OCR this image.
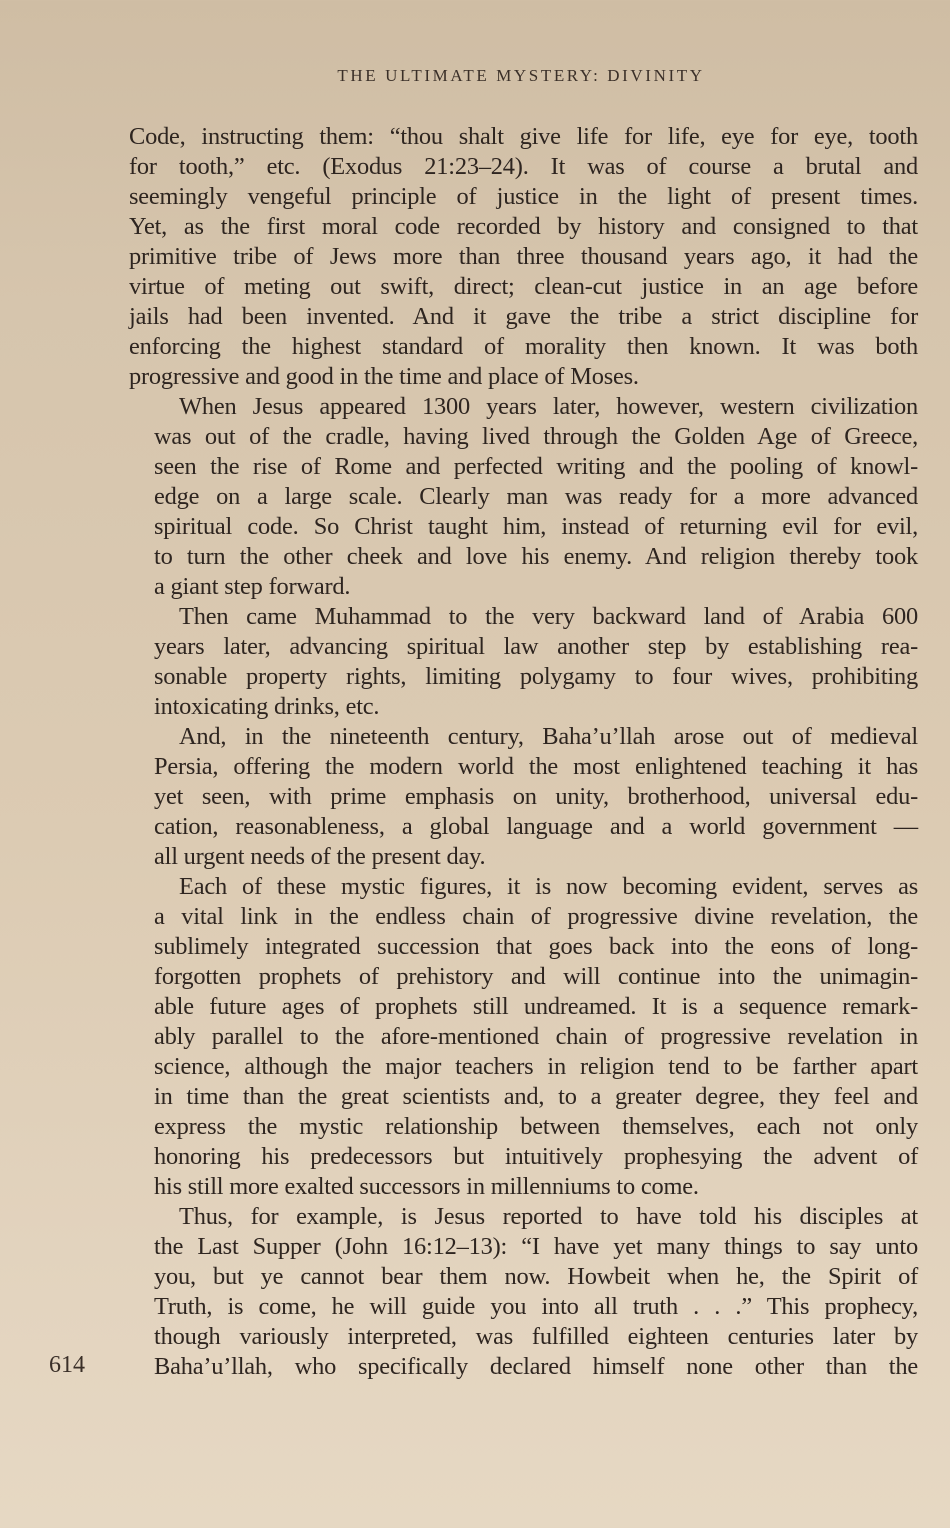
THE ULTIMATE MYSTERY: DIVINITY
Code, instructing them: “thou shalt give life for life, eye for eye, tooth
for tooth,” etc. (Exodus 21:23–24). It was of course a brutal and
seemingly vengeful principle of justice in the light of present times.
Yet, as the first moral code recorded by history and consigned to that
primitive tribe of Jews more than three thousand years ago, it had the
virtue of meting out swift, direct; clean-cut justice in an age before
jails had been invented. And it gave the tribe a strict discipline for
enforcing the highest standard of morality then known. It was both
progressive and good in the time and place of Moses.
When Jesus appeared 1300 years later, however, western civilization
was out of the cradle, having lived through the Golden Age of Greece,
seen the rise of Rome and perfected writing and the pooling of knowl-
edge on a large scale. Clearly man was ready for a more advanced
spiritual code. So Christ taught him, instead of returning evil for evil,
to turn the other cheek and love his enemy. And religion thereby took
a giant step forward.
Then came Muhammad to the very backward land of Arabia 600
years later, advancing spiritual law another step by establishing rea-
sonable property rights, limiting polygamy to four wives, prohibiting
intoxicating drinks, etc.
And, in the nineteenth century, Baha’u’llah arose out of medieval
Persia, offering the modern world the most enlightened teaching it has
yet seen, with prime emphasis on unity, brotherhood, universal edu-
cation, reasonableness, a global language and a world government —
all urgent needs of the present day.
Each of these mystic figures, it is now becoming evident, serves as
a vital link in the endless chain of progressive divine revelation, the
sublimely integrated succession that goes back into the eons of long-
forgotten prophets of prehistory and will continue into the unimagin-
able future ages of prophets still undreamed. It is a sequence remark-
ably parallel to the afore-mentioned chain of progressive revelation in
science, although the major teachers in religion tend to be farther apart
in time than the great scientists and, to a greater degree, they feel and
express the mystic relationship between themselves, each not only
honoring his predecessors but intuitively prophesying the advent of
his still more exalted successors in millenniums to come.
Thus, for example, is Jesus reported to have told his disciples at
the Last Supper (John 16:12–13): “I have yet many things to say unto
you, but ye cannot bear them now. Howbeit when he, the Spirit of
Truth, is come, he will guide you into all truth . . .” This prophecy,
though variously interpreted, was fulfilled eighteen centuries later by
Baha’u’llah, who specifically declared himself none other than the
614
